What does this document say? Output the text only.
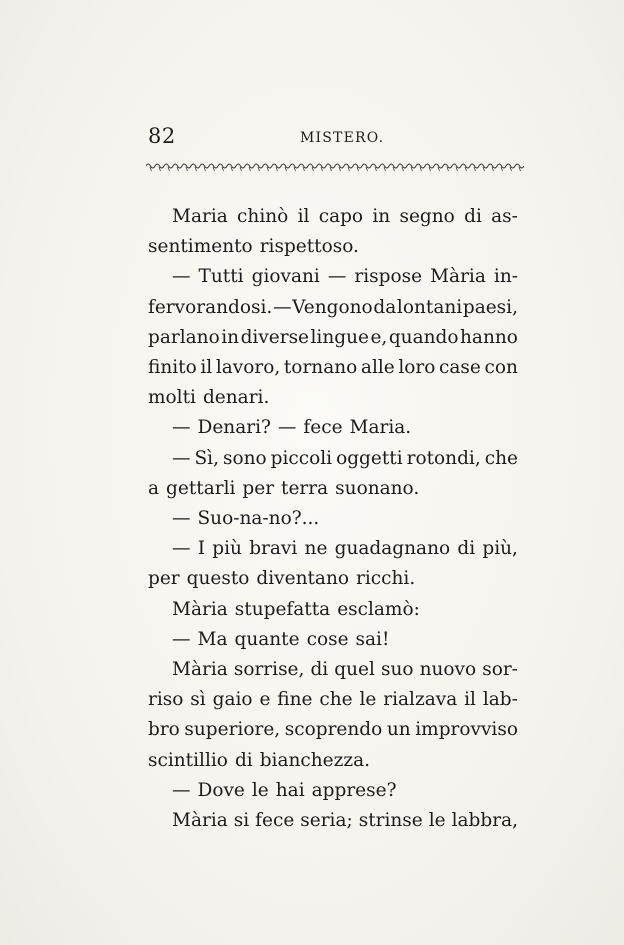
82	MISTERO.
Maria chinò il capo in segno di as-
sentimento rispettoso.
— Tutti giovani — rispose Mària in-
fervorandosi. — Vengono da lontani paesi,
parlano in diverse lingue e, quando hanno
finito il lavoro, tornano alle loro case con
molti denari.
— Denari? — fece Maria.
— Sì, sono piccoli oggetti rotondi, che
a gettarli per terra suonano.
— Suo-na-no?...
— I più bravi ne guadagnano di più,
per questo diventano ricchi.
Mària stupefatta esclamò:
— Ma quante cose sai!
Mària sorrise, di quel suo nuovo sor-
riso sì gaio e fine che le rialzava il lab-
bro superiore, scoprendo un improvviso
scintillio di bianchezza.
— Dove le hai apprese?
Mària si fece seria; strinse le labbra,
